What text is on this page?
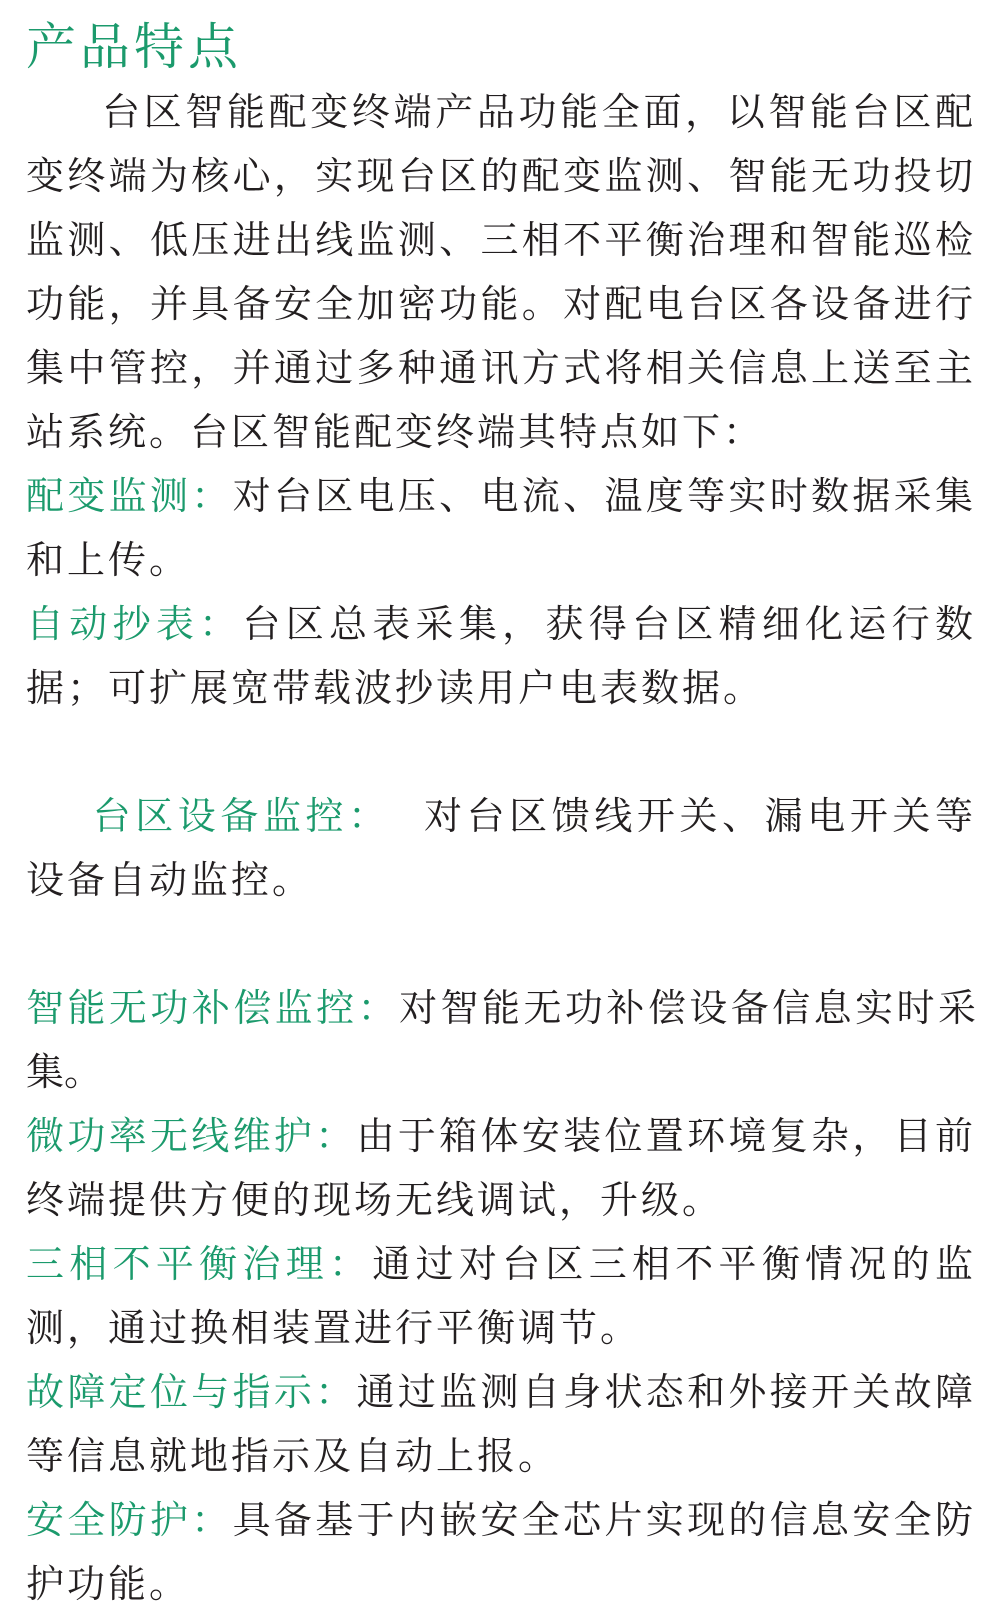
产品特点

台区智能配变终端产品功能全面，以智能台区配变终端为核心，实现台区的配变监测、智能无功投切监测、低压进出线监测、三相不平衡治理和智能巡检功能，并具备安全加密功能。对配电台区各设备进行集中管控，并通过多种通讯方式将相关信息上送至主站系统。台区智能配变终端其特点如下：

配变监测：对台区电压、电流、温度等实时数据采集和上传。

自动抄表：台区总表采集，获得台区精细化运行数据；可扩展宽带载波抄读用户电表数据。

台区设备监控：  对台区馈线开关、漏电开关等设备自动监控。

智能无功补偿监控：对智能无功补偿设备信息实时采集。

微功率无线维护：由于箱体安装位置环境复杂，目前终端提供方便的现场无线调试，升级。

三相不平衡治理：通过对台区三相不平衡情况的监测，通过换相装置进行平衡调节。

故障定位与指示：通过监测自身状态和外接开关故障等信息就地指示及自动上报。

安全防护：具备基于内嵌安全芯片实现的信息安全防护功能。
